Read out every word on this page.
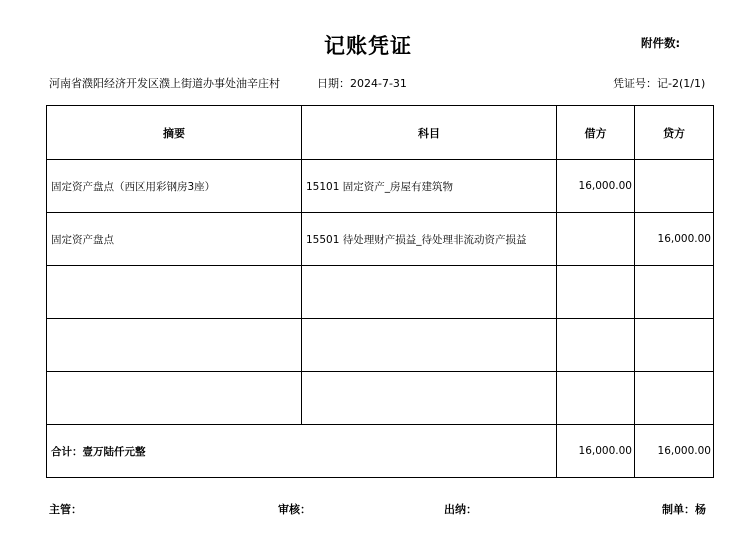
记账凭证	附件数:
河南省濮阳经济开发区濮上街道办事处油辛庄村	日期：2024-7-31	凭证号：记-2(1/1)
摘要	科目	借方	贷方
固定资产盘点（西区用彩钢房3座）	15101 固定资产_房屋有建筑物	16,000.00	
固定资产盘点	15501 待处理财产损益_待处理非流动资产损益		16,000.00

合计：壹万陆仟元整		16,000.00	16,000.00
主管：	审核：	出纳：	制单：杨
